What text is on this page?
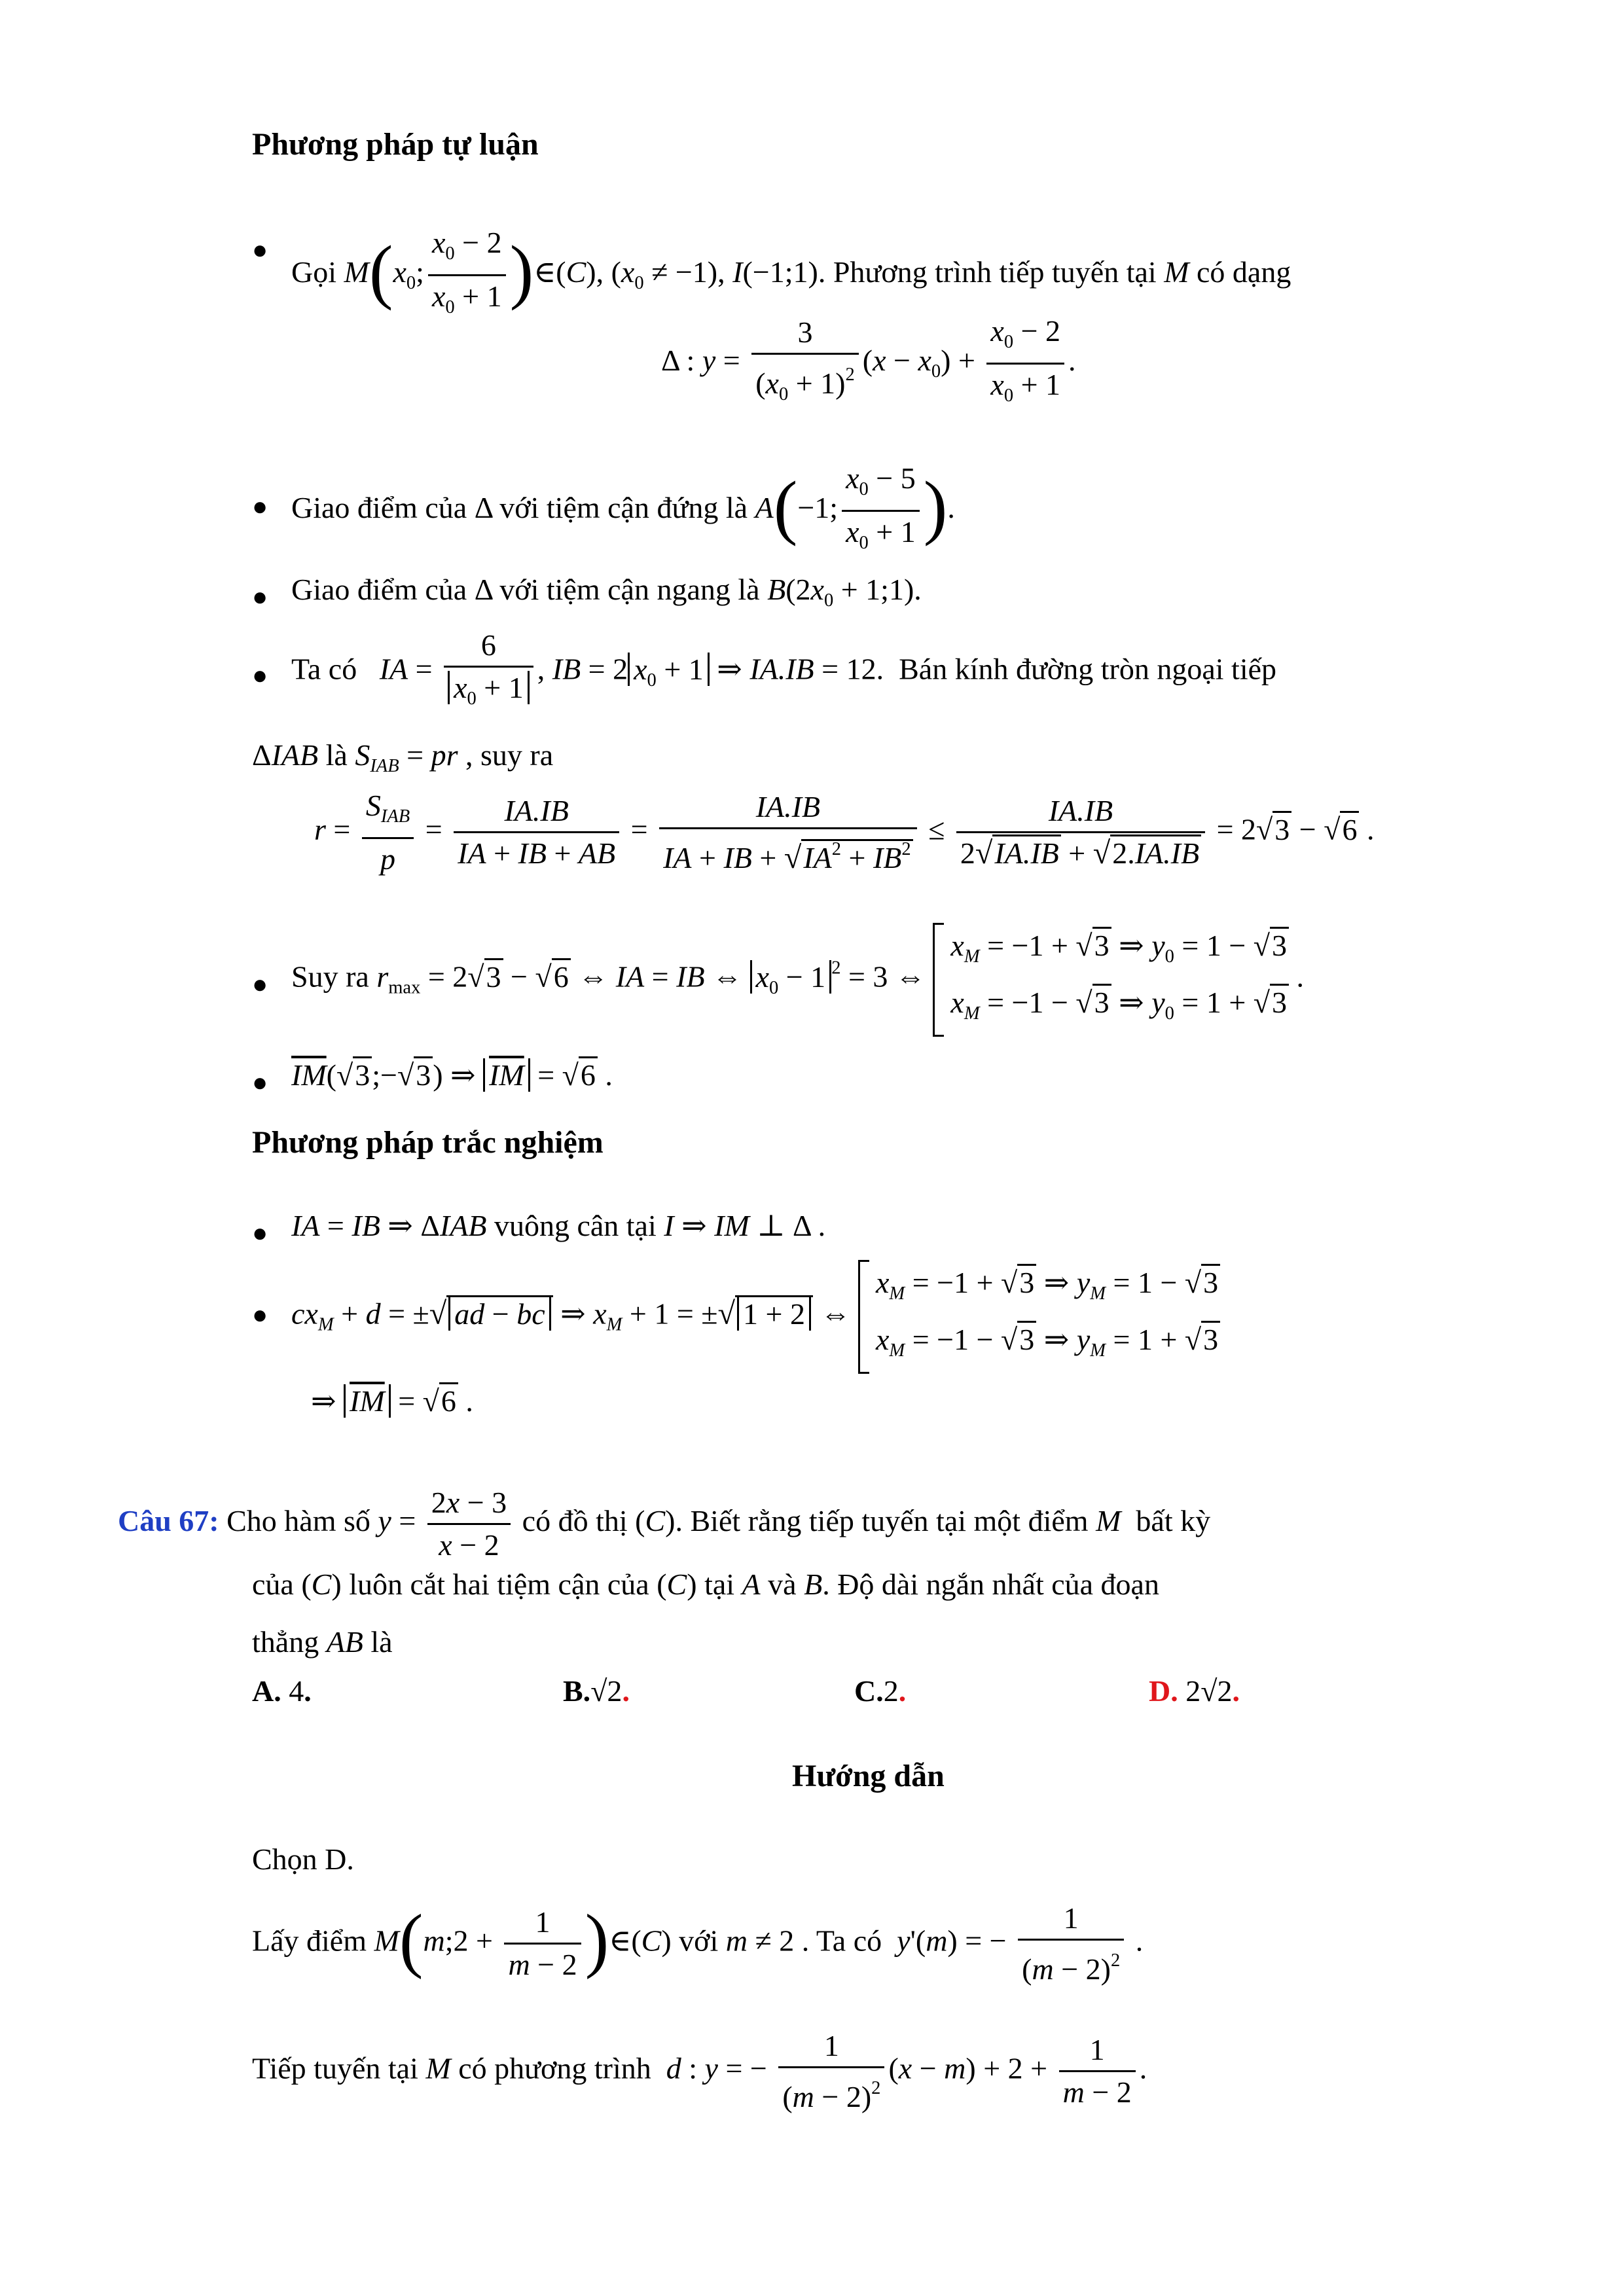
Phương pháp tự luận
●
Gọi $M(x_0$; $\frac{x_0 - 2}{x_0 + 1}$ )∈(C), $(x_0 \ne -1)$, I(−1;1). Phương trình tiếp tuyến tại M có dạng
Δ : $y = \frac{3}{(x_0 + 1)^2} (x - x_0) + \frac{x_0 - 2}{x_0 + 1}$ .
● Giao điểm của Δ với tiệm cận đứng là A(−1; $\frac{x_0 - 5}{x_0 + 1}$ ).
● Giao điểm của Δ với tiệm cận ngang là $B(2x_0$ + 1;1).
● Ta có IA = $\frac{6}{x_0 + 1}$ , IB = 2 $x_0 + 1$ ⇒ IA.IB = 12.  Bán kính đường tròn ngoại tiếp
ΔIAB là $S_{IAB}$ = pr , suy ra
$r = \frac{S_{IAB}}{p} = \frac{IA.IB}{IA + IB + AB} = \frac{IA.IB}{IA + IB + √IA^2 + IB^2} \le \frac{IA.IB}{2√IA.IB + √2.IA.IB} = 2√3 - √6$ .
● Suy ra $r_{max} = 2√3 - √6$ ⇔ IA = IB ⇔ $x_0 - 1$ $^2$ = 3 ⇔
$x_M = -1 + √3$ ⇒ $y_0 = 1 - √3$
$x_M = -1 - √3$ ⇒ $y_0 = 1 + √3$
.
● $\overline{IM}(√3;-√3)$ ⇒ $\overline{IM} = √6$ .
Phương pháp trắc nghiệm
● IA = IB ⇒ ΔIAB vuông cân tại I ⇒ IM ⊥ Δ .
● $cx_M + d$ = ±√ ad − bc ⇒ $x_M + 1$ = ±√ 1 + 2 ⇔
$x_M = -1 + √3$ ⇒ $y_M = 1 - √3$
$x_M = -1 - √3$ ⇒ $y_M = 1 + √3$
⇒ $\overline{IM} = √6$ .
Câu 67: Cho hàm số $y = \frac{2x - 3}{x - 2}$ có đồ thị (C). Biết rằng tiếp tuyến tại một điểm M bất kỳ
của (C) luôn cắt hai tiệm cận của (C) tại A và B. Độ dài ngắn nhất của đoạn
thẳng AB là
A. 4.	B.√2.	C.2.	D. 2√2.
Hướng dẫn
Chọn D.
Lấy điểm M(m;2 + $\frac{1}{m - 2}$ )∈(C) với m ≠ 2 . Ta có y'(m) = − $\frac{1}{(m - 2)^2}$ .
Tiếp tuyến tại M có phương trình d : y = − $\frac{1}{(m - 2)^2} (x - m) + 2 + \frac{1}{m - 2}$ .
